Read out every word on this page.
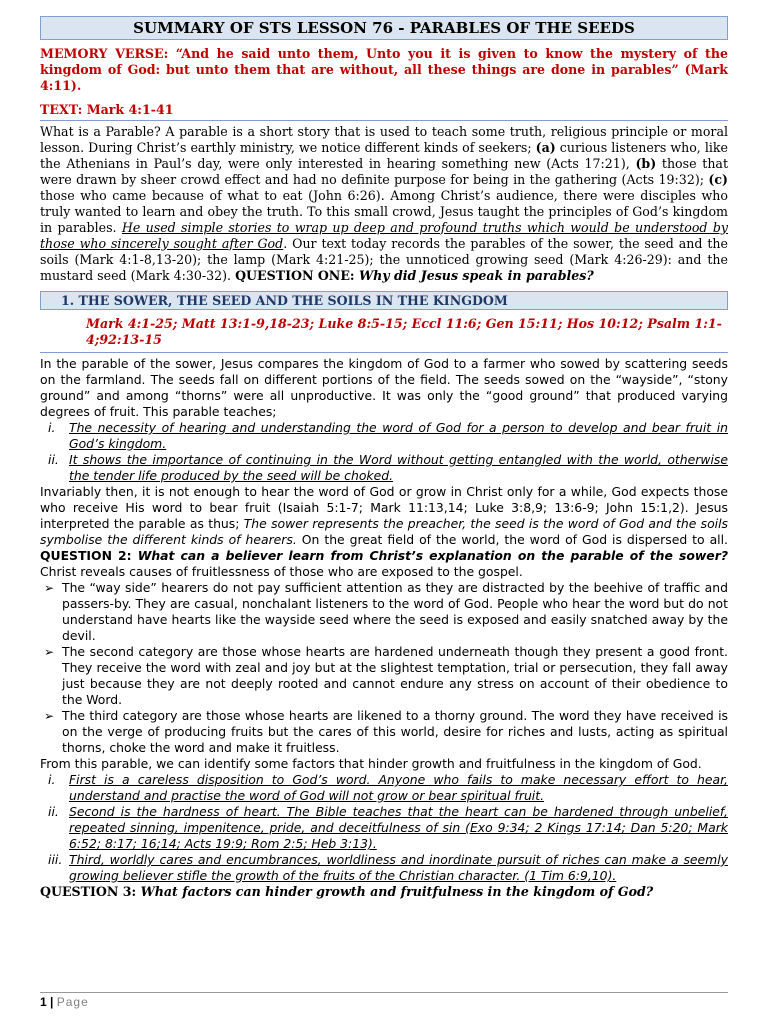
SUMMARY OF STS LESSON 76 - PARABLES OF THE SEEDS

MEMORY VERSE: “And he said unto them, Unto you it is given to know the mystery of the kingdom of God: but unto them that are without, all these things are done in parables” (Mark 4:11).

TEXT: Mark 4:1-41

What is a Parable? A parable is a short story that is used to teach some truth, religious principle or moral lesson. During Christ’s earthly ministry, we notice different kinds of seekers; (a) curious listeners who, like the Athenians in Paul’s day, were only interested in hearing something new (Acts 17:21), (b) those that were drawn by sheer crowd effect and had no definite purpose for being in the gathering (Acts 19:32); (c) those who came because of what to eat (John 6:26). Among Christ’s audience, there were disciples who truly wanted to learn and obey the truth. To this small crowd, Jesus taught the principles of God’s kingdom in parables. He used simple stories to wrap up deep and profound truths which would be understood by those who sincerely sought after God. Our text today records the parables of the sower, the seed and the soils (Mark 4:1-8,13-20); the lamp (Mark 4:21-25); the unnoticed growing seed (Mark 4:26-29): and the mustard seed (Mark 4:30-32). QUESTION ONE: Why did Jesus speak in parables?

1. THE SOWER, THE SEED AND THE SOILS IN THE KINGDOM
Mark 4:1-25; Matt 13:1-9,18-23; Luke 8:5-15; Eccl 11:6; Gen 15:11; Hos 10:12; Psalm 1:1-4;92:13-15

In the parable of the sower, Jesus compares the kingdom of God to a farmer who sowed by scattering seeds on the farmland. The seeds fall on different portions of the field. The seeds sowed on the “wayside”, “stony ground” and among “thorns” were all unproductive. It was only the “good ground” that produced varying degrees of fruit. This parable teaches;

i. The necessity of hearing and understanding the word of God for a person to develop and bear fruit in God’s kingdom.
ii. It shows the importance of continuing in the Word without getting entangled with the world, otherwise the tender life produced by the seed will be choked.

Invariably then, it is not enough to hear the word of God or grow in Christ only for a while, God expects those who receive His word to bear fruit (Isaiah 5:1-7; Mark 11:13,14; Luke 3:8,9; 13:6-9; John 15:1,2). Jesus interpreted the parable as thus; The sower represents the preacher, the seed is the word of God and the soils symbolise the different kinds of hearers. On the great field of the world, the word of God is dispersed to all. QUESTION 2: What can a believer learn from Christ’s explanation on the parable of the sower? Christ reveals causes of fruitlessness of those who are exposed to the gospel.

➢ The “way side” hearers do not pay sufficient attention as they are distracted by the beehive of traffic and passers-by. They are casual, nonchalant listeners to the word of God. People who hear the word but do not understand have hearts like the wayside seed where the seed is exposed and easily snatched away by the devil.
➢ The second category are those whose hearts are hardened underneath though they present a good front. They receive the word with zeal and joy but at the slightest temptation, trial or persecution, they fall away just because they are not deeply rooted and cannot endure any stress on account of their obedience to the Word.
➢ The third category are those whose hearts are likened to a thorny ground. The word they have received is on the verge of producing fruits but the cares of this world, desire for riches and lusts, acting as spiritual thorns, choke the word and make it fruitless.

From this parable, we can identify some factors that hinder growth and fruitfulness in the kingdom of God.

i. First is a careless disposition to God’s word. Anyone who fails to make necessary effort to hear, understand and practise the word of God will not grow or bear spiritual fruit.
ii. Second is the hardness of heart. The Bible teaches that the heart can be hardened through unbelief, repeated sinning, impenitence, pride, and deceitfulness of sin (Exo 9:34; 2 Kings 17:14; Dan 5:20; Mark 6:52; 8:17; 16;14; Acts 19:9; Rom 2:5; Heb 3:13).
iii. Third, worldly cares and encumbrances, worldliness and inordinate pursuit of riches can make a seemly growing believer stifle the growth of the fruits of the Christian character. (1 Tim 6:9,10).

QUESTION 3: What factors can hinder growth and fruitfulness in the kingdom of God?

1 | Page
